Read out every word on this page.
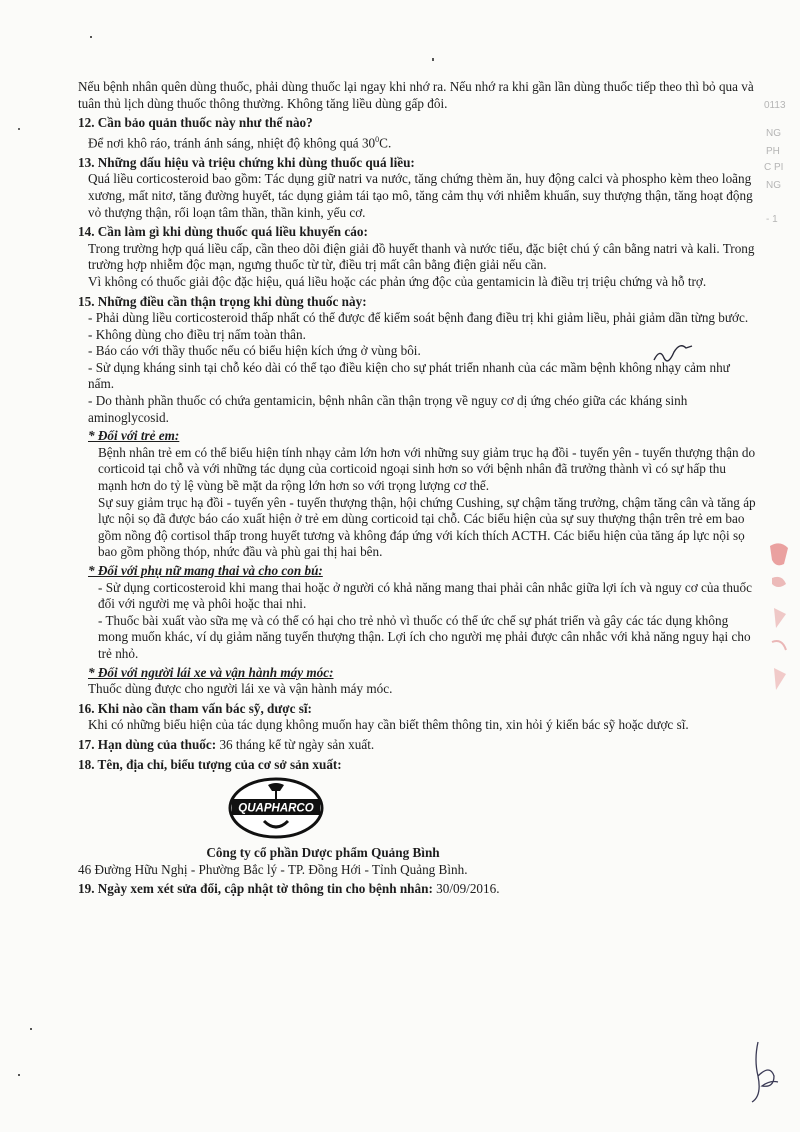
Nếu bệnh nhân quên dùng thuốc, phải dùng thuốc lại ngay khi nhớ ra. Nếu nhớ ra khi gần lần dùng thuốc tiếp theo thì bỏ qua và tuân thủ lịch dùng thuốc thông thường. Không tăng liều dùng gấp đôi.

12. Cần bảo quản thuốc này như thế nào?

Để nơi khô ráo, tránh ánh sáng, nhiệt độ không quá $30^0C$.

13. Những dấu hiệu và triệu chứng khi dùng thuốc quá liều:

Quá liều corticosteroid bao gồm: Tác dụng giữ natri va nước, tăng chứng thèm ăn, huy động calci và phospho kèm theo loãng xương, mất nitơ, tăng đường huyết, tác dụng giảm tái tạo mô, tăng cảm thụ với nhiễm khuẩn, suy thượng thận, tăng hoạt động vỏ thượng thận, rối loạn tâm thần, thần kinh, yếu cơ.

14. Cần làm gì khi dùng thuốc quá liều khuyến cáo:

Trong trường hợp quá liều cấp, cần theo dõi điện giải đồ huyết thanh và nước tiểu, đặc biệt chú ý cân bằng natri và kali. Trong trường hợp nhiễm độc mạn, ngưng thuốc từ từ, điều trị mất cân bằng điện giải nếu cần.

Vì không có thuốc giải độc đặc hiệu, quá liều hoặc các phản ứng độc của gentamicin là điều trị triệu chứng và hỗ trợ.

15. Những điều cần thận trọng khi dùng thuốc này:

- Phải dùng liều corticosteroid thấp nhất có thể được để kiểm soát bệnh đang điều trị khi giảm liều, phải giảm dần từng bước.

- Không dùng cho điều trị nấm toàn thân.

- Báo cáo với thầy thuốc nếu có biểu hiện kích ứng ở vùng bôi.

- Sử dụng kháng sinh tại chỗ kéo dài có thể tạo điều kiện cho sự phát triển nhanh của các mầm bệnh không nhạy cảm như nấm.

- Do thành phần thuốc có chứa gentamicin, bệnh nhân cần thận trọng về nguy cơ dị ứng chéo giữa các kháng sinh aminoglycosid.

* Đối với trẻ em:

Bệnh nhân trẻ em có thể biểu hiện tính nhạy cảm lớn hơn với những suy giảm trục hạ đồi - tuyến yên - tuyến thượng thận do corticoid tại chỗ và với những tác dụng của corticoid ngoại sinh hơn so với bệnh nhân đã trưởng thành vì có sự hấp thu mạnh hơn do tỷ lệ vùng bề mặt da rộng lớn hơn so với trọng lượng cơ thể.

Sự suy giảm trục hạ đồi - tuyến yên - tuyến thượng thận, hội chứng Cushing, sự chậm tăng trưởng, chậm tăng cân và tăng áp lực nội sọ đã được báo cáo xuất hiện ở trẻ em dùng corticoid tại chỗ. Các biểu hiện của sự suy thượng thận trên trẻ em bao gồm nồng độ cortisol thấp trong huyết tương và không đáp ứng với kích thích ACTH. Các biểu hiện của tăng áp lực nội sọ bao gồm phồng thóp, nhức đầu và phù gai thị hai bên.

* Đối với phụ nữ mang thai và cho con bú:

- Sử dụng corticosteroid khi mang thai hoặc ở người có khả năng mang thai phải cân nhắc giữa lợi ích và nguy cơ của thuốc đối với người mẹ và phôi hoặc thai nhi.

- Thuốc bài xuất vào sữa mẹ và có thể có hại cho trẻ nhỏ vì thuốc có thể ức chế sự phát triển và gây các tác dụng không mong muốn khác, ví dụ giảm năng tuyến thượng thận. Lợi ích cho người mẹ phải được cân nhắc với khả năng nguy hại cho trẻ nhỏ.

* Đối với người lái xe và vận hành máy móc:

Thuốc dùng được cho người lái xe và vận hành máy móc.

16. Khi nào cần tham vấn bác sỹ, dược sĩ:

Khi có những biểu hiện của tác dụng không muốn hay cần biết thêm thông tin, xin hỏi ý kiến bác sỹ hoặc dược sĩ.

17. Hạn dùng của thuốc: 36 tháng kể từ ngày sản xuất.

18. Tên, địa chỉ, biểu tượng của cơ sở sản xuất:

QUAPHARCO

Công ty cổ phần Dược phẩm Quảng Bình

46 Đường Hữu Nghị - Phường Bắc lý - TP. Đồng Hới - Tỉnh Quảng Bình.

19. Ngày xem xét sửa đổi, cập nhật tờ thông tin cho bệnh nhân: 30/09/2016.

0113
NG
PH
C PI
NG
- 1
